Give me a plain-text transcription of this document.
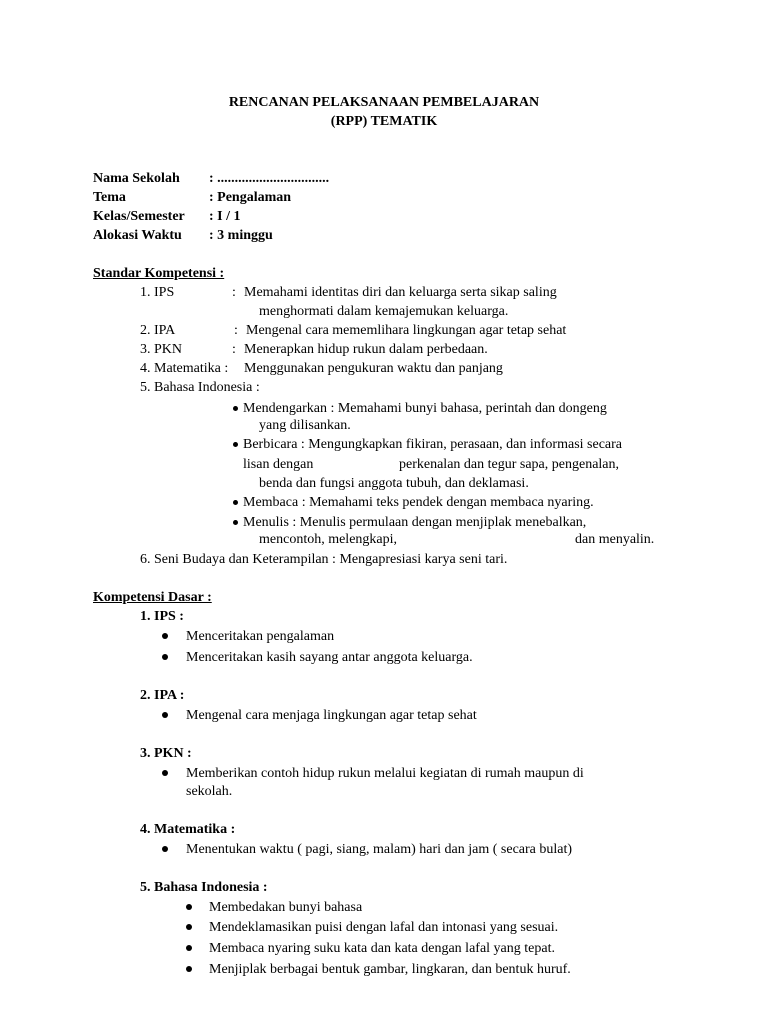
RENCANAN PELAKSANAAN PEMBELAJARAN
(RPP) TEMATIK
Nama Sekolah : ................................
Tema	: Pengalaman
Kelas/Semester : I / 1
Alokasi Waktu : 3 minggu
Standar Kompetensi :
1. IPS	: Memahami identitas diri dan keluarga serta sikap saling
menghormati dalam kemajemukan keluarga.
2. IPA	: Mengenal cara mememlihara lingkungan agar tetap sehat
3. PKN	: Menerapkan hidup rukun dalam perbedaan.
4. Matematika : Menggunakan pengukuran waktu dan panjang
5. Bahasa Indonesia :
Mendengarkan : Memahami bunyi bahasa, perintah dan dongeng
yang dilisankan.
Berbicara : Mengungkapkan fikiran, perasaan, dan informasi secara
lisan dengan	perkenalan dan tegur sapa, pengenalan,
benda dan fungsi anggota tubuh, dan deklamasi.
Membaca : Memahami teks pendek dengan membaca nyaring.
Menulis : Menulis permulaan dengan menjiplak menebalkan,
mencontoh, melengkapi,	dan menyalin.
6. Seni Budaya dan Keterampilan : Mengapresiasi karya seni tari.
Kompetensi Dasar :
1. IPS :
Menceritakan pengalaman
Menceritakan kasih sayang antar anggota keluarga.
2. IPA :
Mengenal cara menjaga lingkungan agar tetap sehat
3. PKN :
Memberikan contoh hidup rukun melalui kegiatan di rumah maupun di
sekolah.
4. Matematika :
Menentukan waktu ( pagi, siang, malam) hari dan jam ( secara bulat)
5. Bahasa Indonesia :
Membedakan bunyi bahasa
Mendeklamasikan puisi dengan lafal dan intonasi yang sesuai.
Membaca nyaring suku kata dan kata dengan lafal yang tepat.
Menjiplak berbagai bentuk gambar, lingkaran, dan bentuk huruf.
